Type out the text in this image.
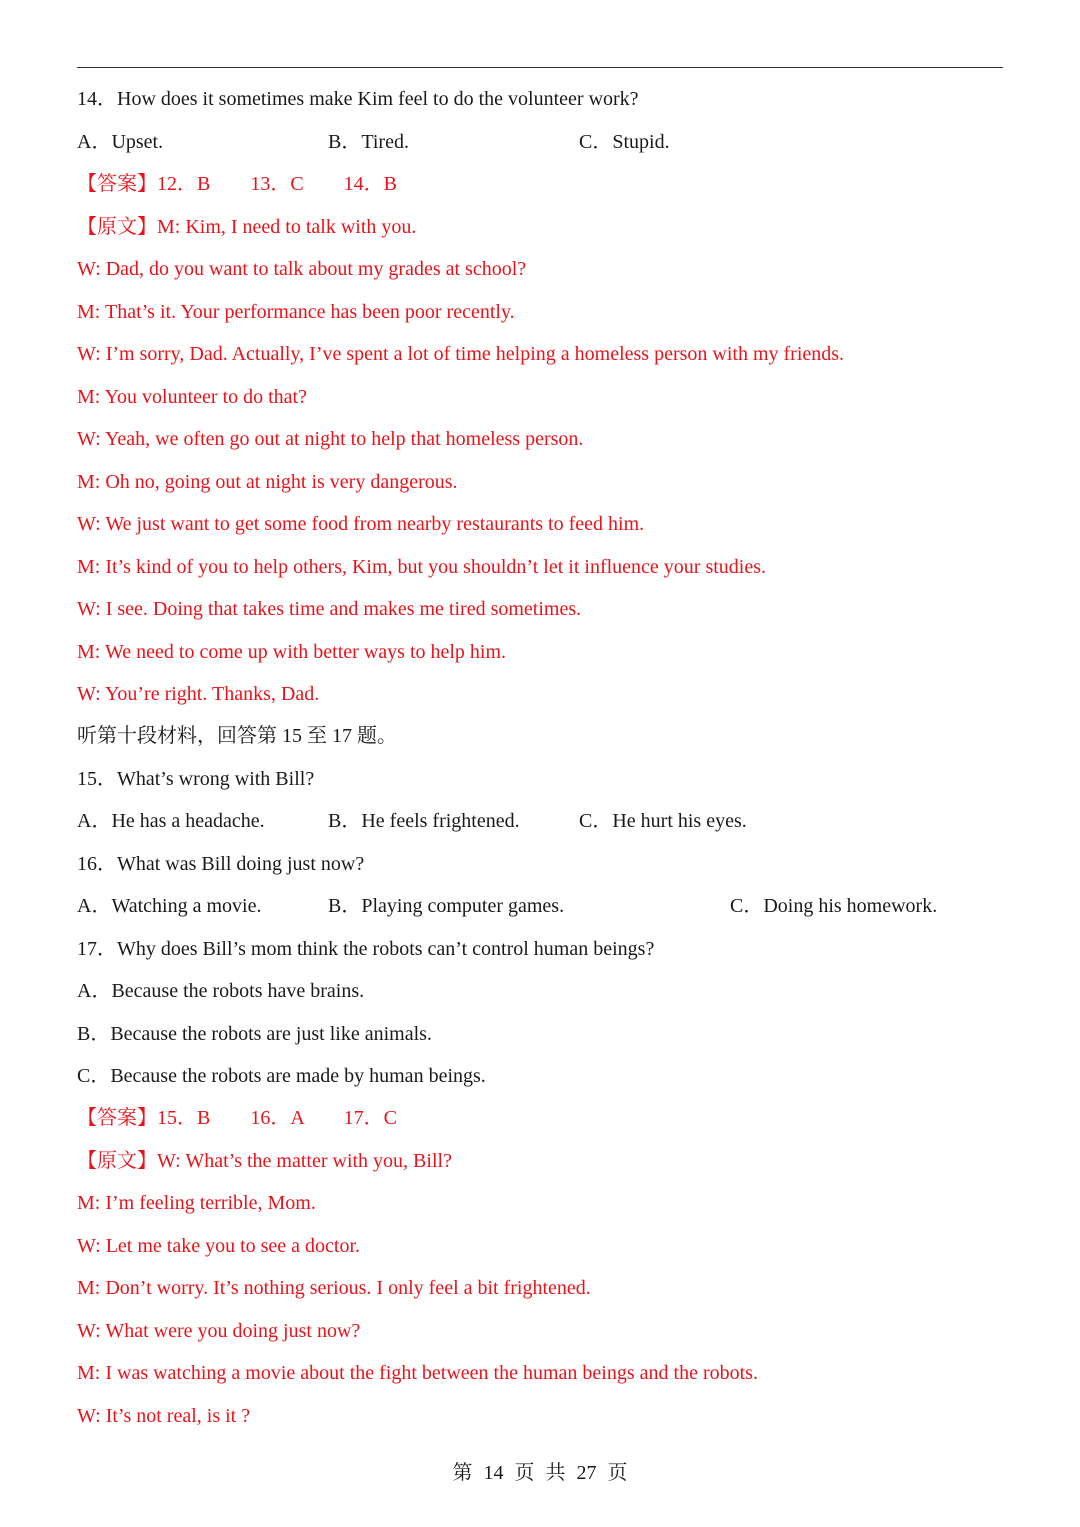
14．How does it sometimes make Kim feel to do the volunteer work?
A．Upset.	B．Tired.	C．Stupid.
【答案】12．B　　13．C　　14．B
【原文】M: Kim, I need to talk with you.
W: Dad, do you want to talk about my grades at school?
M: That’s it. Your performance has been poor recently.
W: I’m sorry, Dad. Actually, I’ve spent a lot of time helping a homeless person with my friends.
M: You volunteer to do that?
W: Yeah, we often go out at night to help that homeless person.
M: Oh no, going out at night is very dangerous.
W: We just want to get some food from nearby restaurants to feed him.
M: It’s kind of you to help others, Kim, but you shouldn’t let it influence your studies.
W: I see. Doing that takes time and makes me tired sometimes.
M: We need to come up with better ways to help him.
W: You’re right. Thanks, Dad.
听第十段材料，回答第 15 至 17 题。
15．What’s wrong with Bill?
A．He has a headache.	B．He feels frightened.	C．He hurt his eyes.
16．What was Bill doing just now?
A．Watching a movie.	B．Playing computer games.	C．Doing his homework.
17．Why does Bill’s mom think the robots can’t control human beings?
A．Because the robots have brains.
B．Because the robots are just like animals.
C．Because the robots are made by human beings.
【答案】15．B　　16．A　　17．C
【原文】W: What’s the matter with you, Bill?
M: I’m feeling terrible, Mom.
W: Let me take you to see a doctor.
M: Don’t worry. It’s nothing serious. I only feel a bit frightened.
W: What were you doing just now?
M: I was watching a movie about the fight between the human beings and the robots.
W: It’s not real, is it ?
第 14 页 共 27 页
